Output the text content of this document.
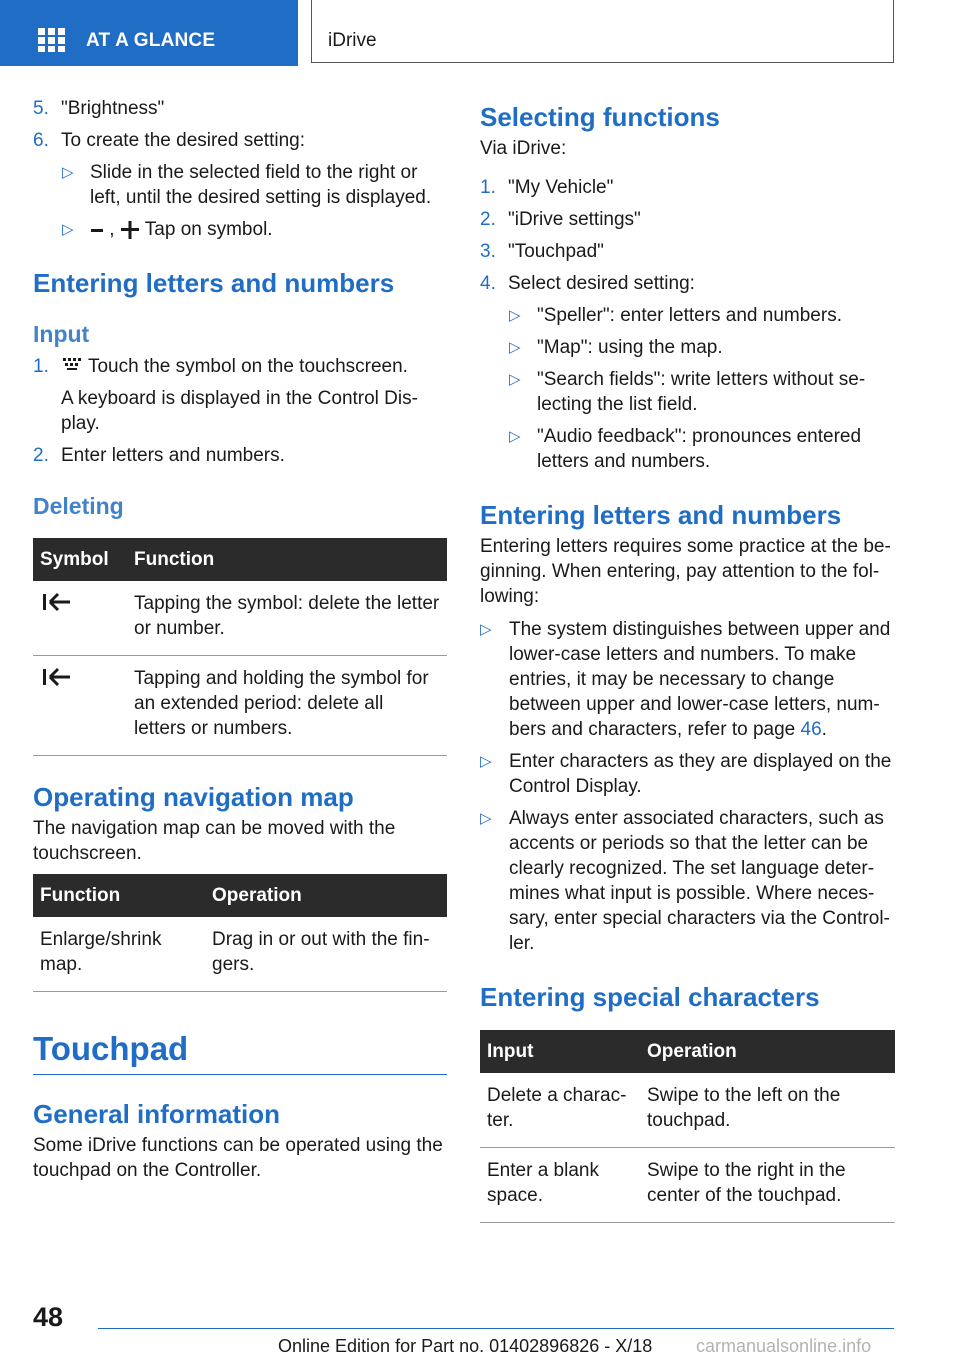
AT A GLANCE	iDrive
5. "Brightness"
6. To create the desired setting:
▷ Slide in the selected field to the right or left, until the desired setting is displayed.
▷	,  Tap on symbol.
Entering letters and numbers
Input
1.	Touch the symbol on the touchscreen.
A keyboard is displayed in the Control Dis‐play.
2. Enter letters and numbers.
Deleting
Symbol	Function
	Tapping the symbol: delete the letter or number.
	Tapping and holding the symbol for an extended period: delete all letters or numbers.
Operating navigation map
The navigation map can be moved with the touchscreen.
Function	Operation
Enlarge/shrink map.	Drag in or out with the fin‐gers.
Touchpad
General information
Some iDrive functions can be operated using the touchpad on the Controller.
Selecting functions
Via iDrive:
1. "My Vehicle"
2. "iDrive settings"
3. "Touchpad"
4. Select desired setting:
▷ "Speller": enter letters and numbers.
▷ "Map": using the map.
▷ "Search fields": write letters without se‐lecting the list field.
▷ "Audio feedback": pronounces entered letters and numbers.
Entering letters and numbers
Entering letters requires some practice at the be‐ginning. When entering, pay attention to the fol‐lowing:
▷ The system distinguishes between upper and lower-case letters and numbers. To make entries, it may be necessary to change between upper and lower-case letters, num‐bers and characters, refer to page 46.
▷ Enter characters as they are displayed on the Control Display.
▷ Always enter associated characters, such as accents or periods so that the letter can be clearly recognized. The set language deter‐mines what input is possible. Where neces‐sary, enter special characters via the Control‐ler.
Entering special characters
Input	Operation
Delete a charac‐ter.	Swipe to the left on the touchpad.
Enter a blank space.	Swipe to the right in the center of the touchpad.
48
Online Edition for Part no. 01402896826 - X/18 carmanualsonline.info
